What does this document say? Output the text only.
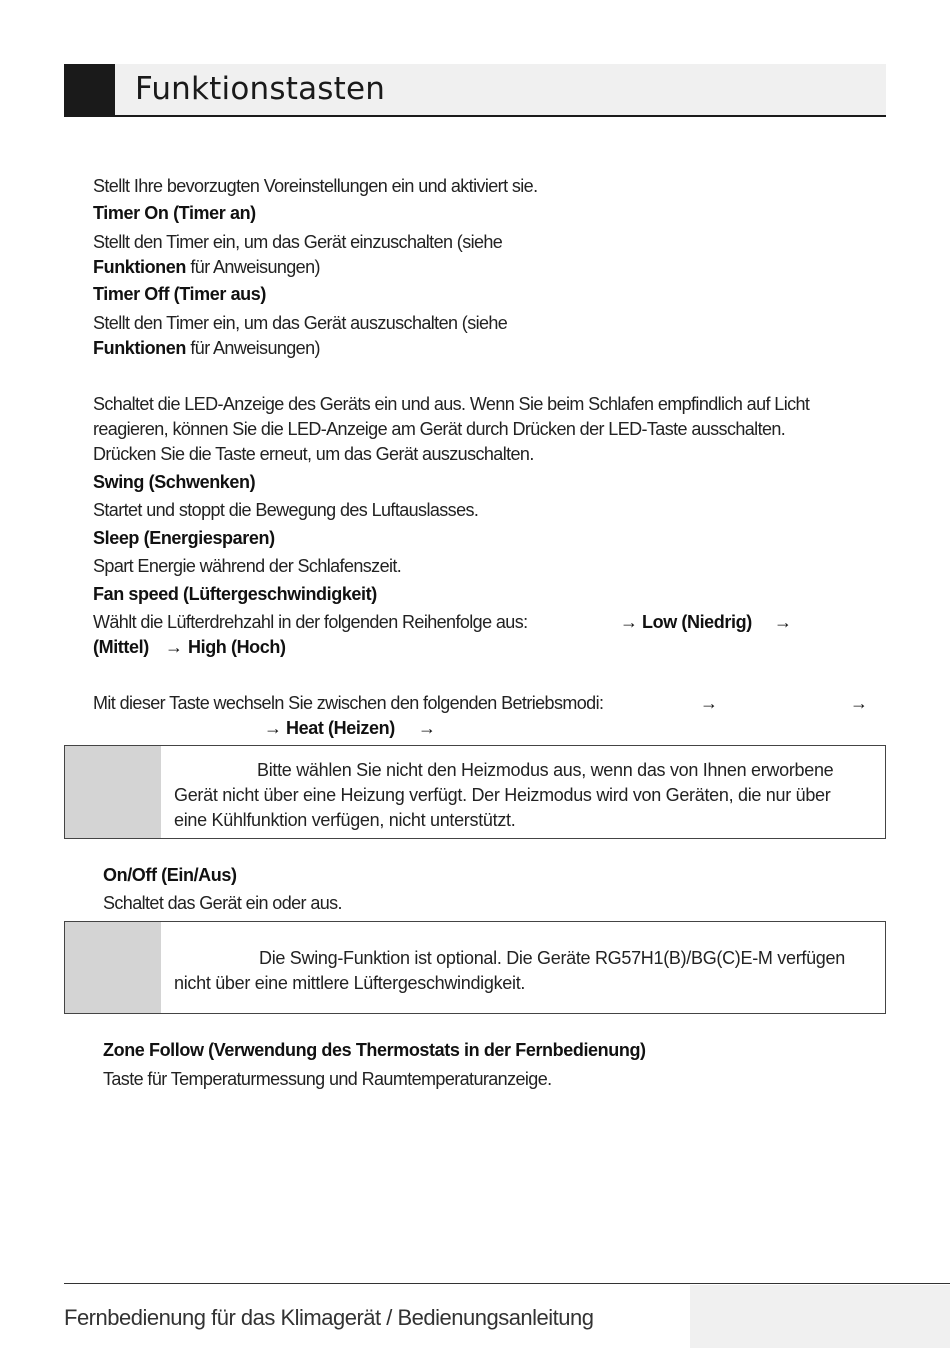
Funktionstasten
Stellt Ihre bevorzugten Voreinstellungen ein und aktiviert sie.
Timer On (Timer an)
Stellt den Timer ein, um das Gerät einzuschalten (siehe
Funktionen für Anweisungen)
Timer Off (Timer aus)
Stellt den Timer ein, um das Gerät auszuschalten (siehe
Funktionen für Anweisungen)
Schaltet die LED-Anzeige des Geräts ein und aus. Wenn Sie beim Schlafen empfindlich auf Licht
reagieren, können Sie die LED-Anzeige am Gerät durch Drücken der LED-Taste ausschalten.
Drücken Sie die Taste erneut, um das Gerät auszuschalten.
Swing (Schwenken)
Startet und stoppt die Bewegung des Luftauslasses.
Sleep (Energiesparen)
Spart Energie während der Schlafenszeit.
Fan speed (Lüftergeschwindigkeit)
Wählt die Lüfterdrehzahl in der folgenden Reihenfolge aus:	→ Low (Niedrig) →
(Mittel) → High (Hoch)
Mit dieser Taste wechseln Sie zwischen den folgenden Betriebsmodi:	→	→
→ Heat (Heizen) →
Bitte wählen Sie nicht den Heizmodus aus, wenn das von Ihnen erworbene
Gerät nicht über eine Heizung verfügt. Der Heizmodus wird von Geräten, die nur über
eine Kühlfunktion verfügen, nicht unterstützt.
On/Off (Ein/Aus)
Schaltet das Gerät ein oder aus.
Die Swing-Funktion ist optional. Die Geräte RG57H1(B)/BG(C)E-M verfügen
nicht über eine mittlere Lüftergeschwindigkeit.
Zone Follow (Verwendung des Thermostats in der Fernbedienung)
Taste für Temperaturmessung und Raumtemperaturanzeige.
Fernbedienung für das Klimagerät / Bedienungsanleitung
